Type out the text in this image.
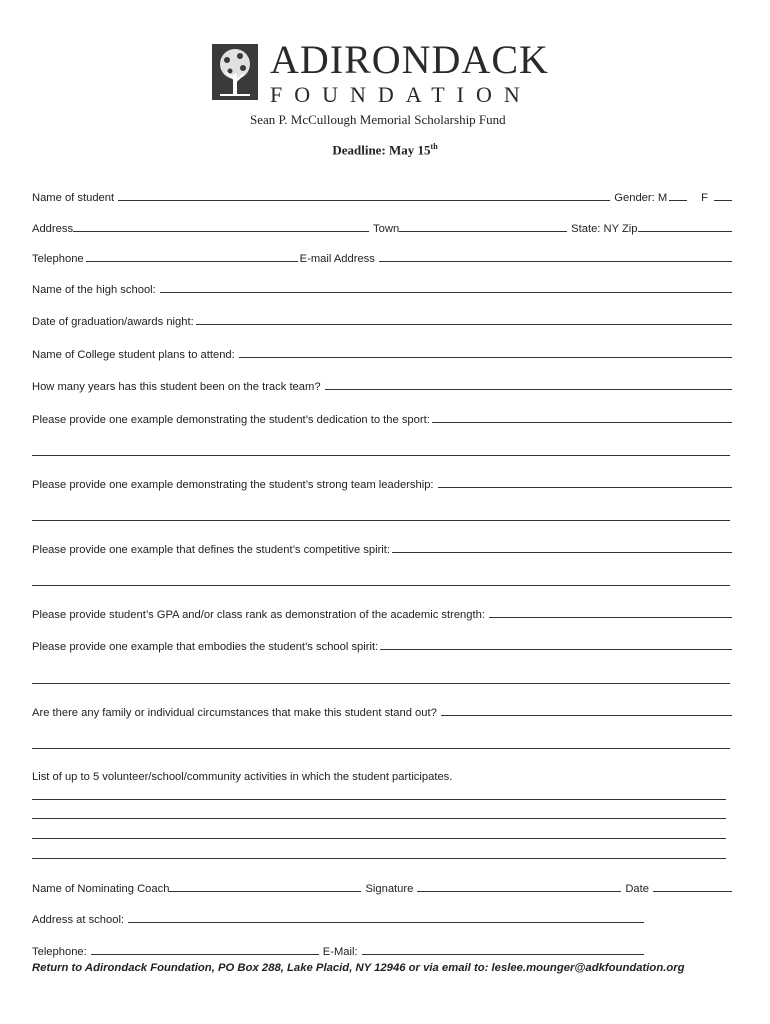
ADIRONDACK
FOUNDATION
Sean P. McCullough Memorial Scholarship Fund
Deadline: May 15th
Name of student	Gender: M	F
Address	Town	State: NY Zip
Telephone	E-mail Address
Name of the high school:
Date of graduation/awards night:
Name of College student plans to attend:
How many years has this student been on the track team?
Please provide one example demonstrating the student’s dedication to the sport:
Please provide one example demonstrating the student’s strong team leadership:
Please provide one example that defines the student’s competitive spirit:
Please provide student’s GPA and/or class rank as demonstration of the academic strength:
Please provide one example that embodies the student’s school spirit:
Are there any family or individual circumstances that make this student stand out?
List of up to 5 volunteer/school/community activities in which the student participates.
Name of Nominating Coach	Signature	Date
Address at school:
Telephone:	E-Mail:
Return to Adirondack Foundation, PO Box 288, Lake Placid, NY 12946 or via email to: leslee.mounger@adkfoundation.org
